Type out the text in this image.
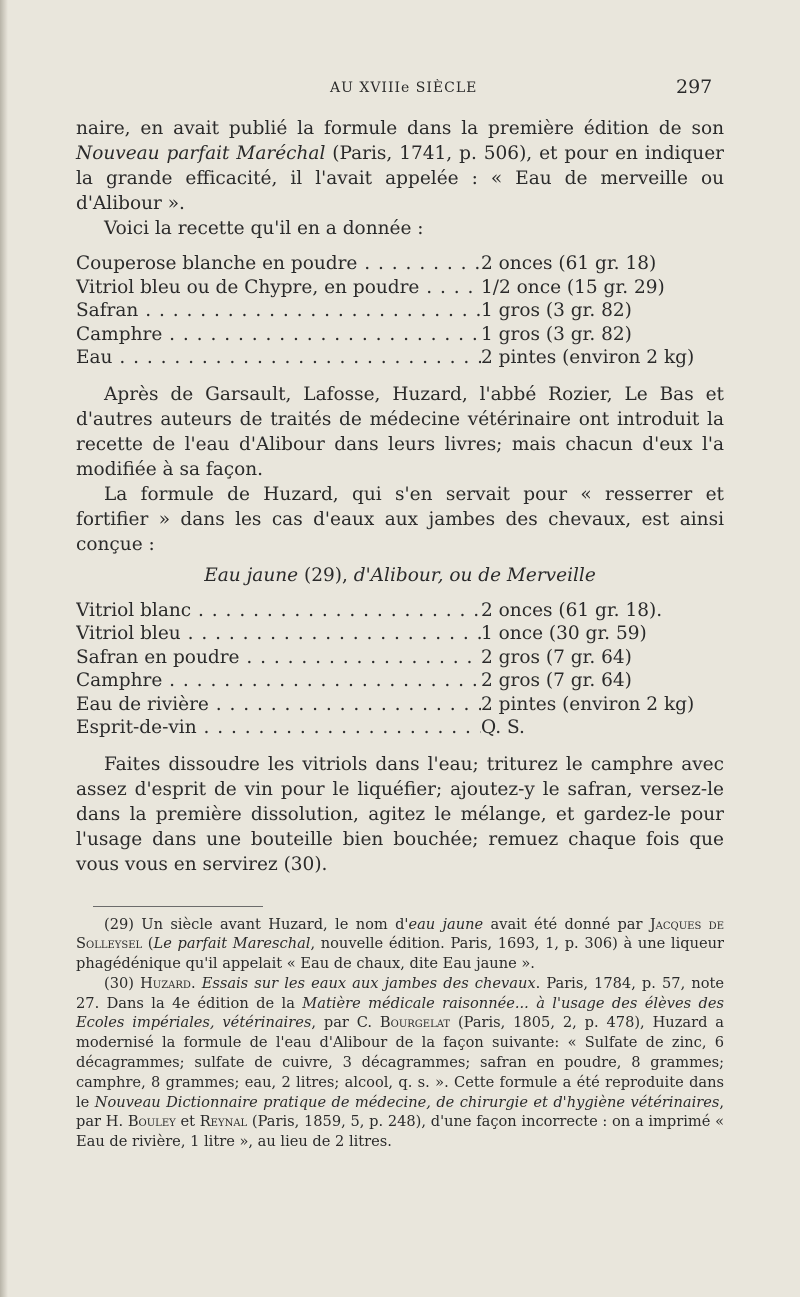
AU XVIIIe SIÈCLE	297

naire, en avait publié la formule dans la première édition de son Nouveau parfait Maréchal (Paris, 1741, p. 506), et pour en indiquer la grande efficacité, il l'avait appelée : « Eau de merveille ou d'Alibour ».

Voici la recette qu'il en a donnée :

Couperose blanche en poudre . . .	2 onces (61 gr. 18)
Vitriol bleu ou de Chypre, en poudre . . .	1/2 once (15 gr. 29)
Safran . . .	1 gros (3 gr. 82)
Camphre . . .	1 gros (3 gr. 82)
Eau . . .	2 pintes (environ 2 kg)

Après de Garsault, Lafosse, Huzard, l'abbé Rozier, Le Bas et d'autres auteurs de traités de médecine vétérinaire ont introduit la recette de l'eau d'Alibour dans leurs livres; mais chacun d'eux l'a modifiée à sa façon.

La formule de Huzard, qui s'en servait pour « resserrer et fortifier » dans les cas d'eaux aux jambes des chevaux, est ainsi conçue :

Eau jaune (29), d'Alibour, ou de Merveille
Vitriol blanc . . .	2 onces (61 gr. 18).
Vitriol bleu . . .	1 once (30 gr. 59)
Safran en poudre . . .	2 gros (7 gr. 64)
Camphre . . .	2 gros (7 gr. 64)
Eau de rivière . . .	2 pintes (environ 2 kg)
Esprit-de-vin . . .	Q. S.

Faites dissoudre les vitriols dans l'eau; triturez le camphre avec assez d'esprit de vin pour le liquéfier; ajoutez-y le safran, versez-le dans la première dissolution, agitez le mélange, et gardez-le pour l'usage dans une bouteille bien bouchée; remuez chaque fois que vous vous en servirez (30).

(29) Un siècle avant Huzard, le nom d'eau jaune avait été donné par Jacques de Solleysel (Le parfait Mareschal, nouvelle édition. Paris, 1693, 1, p. 306) à une liqueur phagédénique qu'il appelait « Eau de chaux, dite Eau jaune ».

(30) Huzard. Essais sur les eaux aux jambes des chevaux. Paris, 1784, p. 57, note 27. Dans la 4e édition de la Matière médicale raisonnée... à l'usage des élèves des Ecoles impériales, vétérinaires, par C. Bourgelat (Paris, 1805, 2, p. 478), Huzard a modernisé la formule de l'eau d'Alibour de la façon suivante: « Sulfate de zinc, 6 décagrammes; sulfate de cuivre, 3 décagrammes; safran en poudre, 8 grammes; camphre, 8 grammes; eau, 2 litres; alcool, q. s. ». Cette formule a été reproduite dans le Nouveau Dictionnaire pratique de médecine, de chirurgie et d'hygiène vétérinaires, par H. Bouley et Reynal (Paris, 1859, 5, p. 248), d'une façon incorrecte : on a imprimé « Eau de rivière, 1 litre », au lieu de 2 litres.
